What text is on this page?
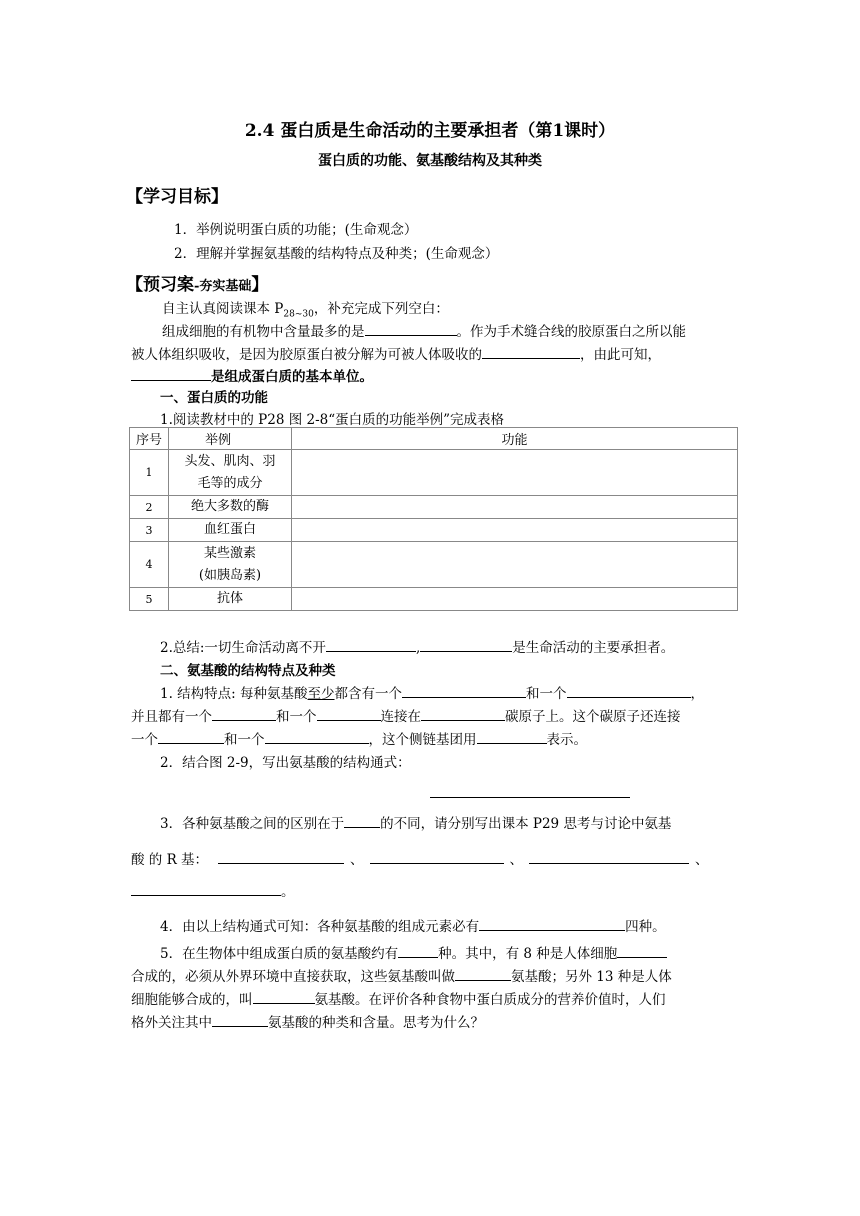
2.4 蛋白质是生命活动的主要承担者（第1课时）
蛋白质的功能、氨基酸结构及其种类
【学习目标】
1．举例说明蛋白质的功能；(生命观念）
2．理解并掌握氨基酸的结构特点及种类；(生命观念）
【预习案-夯实基础】
自主认真阅读课本 $P_{28\sim 30}$，补充完成下列空白：
组成细胞的有机物中含量最多的是	。作为手术缝合线的胶原蛋白之所以能
被人体组织吸收，是因为胶原蛋白被分解为可被人体吸收的	，由此可知，
是组成蛋白质的基本单位。
一、蛋白质的功能
1.阅读教材中的 P28 图 2-8“蛋白质的功能举例”完成表格
序号	举例	功能
1	头发、肌肉、羽
毛等的成分	

2	绝大多数的酶	
3	血红蛋白	
4	某些激素
(如胰岛素)	

5	抗体	
2.总结:一切生命活动离不开	,	是生命活动的主要承担者。
二、氨基酸的结构特点及种类
1. 结构特点: 每种氨基酸至少都含有一个	和一个	，
并且都有一个	和一个	连接在	碳原子上。这个碳原子还连接
一个	和一个	，这个侧链基团用	表示。
2．结合图 2-9，写出氨基酸的结构通式：
3．各种氨基酸之间的区别在于	的不同，请分别写出课本 P29 思考与讨论中氨基
酸 的 R 基：	、	、	、
。
4．由以上结构通式可知：各种氨基酸的组成元素必有	四种。
5．在生物体中组成蛋白质的氨基酸约有	种。其中，有 8 种是人体细胞
合成的，必须从外界环境中直接获取，这些氨基酸叫做	氨基酸；另外 13 种是人体
细胞能够合成的，叫	氨基酸。在评价各种食物中蛋白质成分的营养价值时，人们
格外关注其中	氨基酸的种类和含量。思考为什么？
